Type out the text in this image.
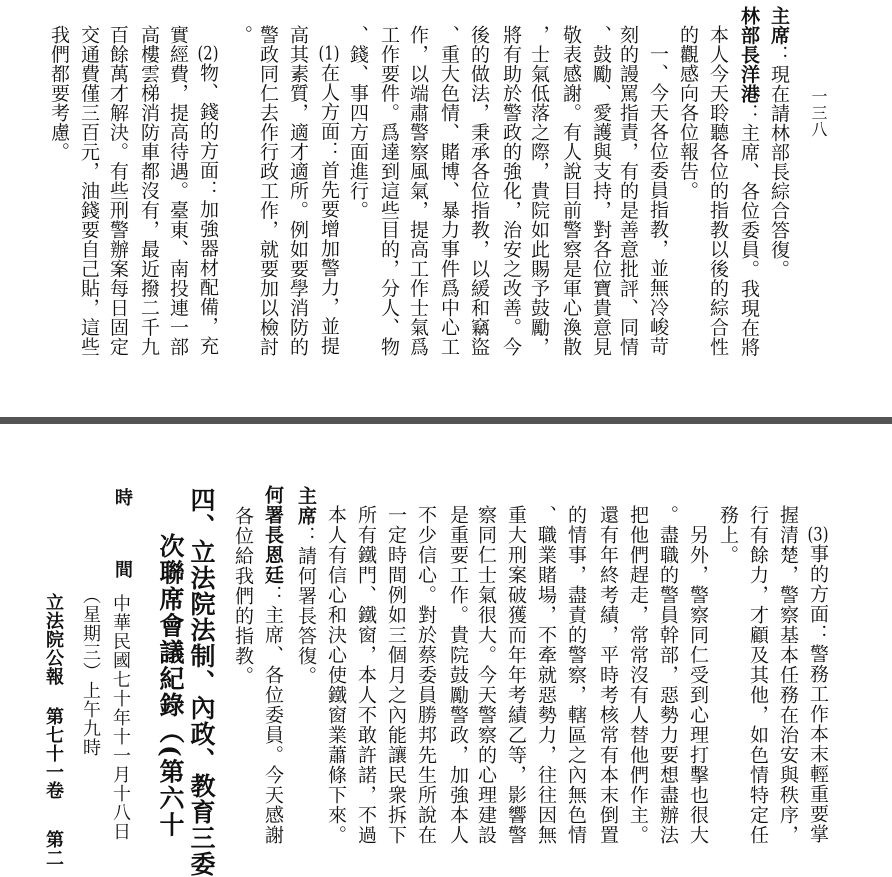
一三八
主席：現在請林部長綜合答復。
林部長洋港：主席、各位委員。我現在將
本人今天聆聽各位的指教以後的綜合性
的觀感向各位報告。
一、今天各位委員指教，並無冷峻苛
刻的謾罵指責，有的是善意批評、同情
、鼓勵、愛護與支持，對各位寶貴意見
敬表感謝。有人說目前警察是軍心渙散
，士氣低落之際，貴院如此賜予鼓勵，
將有助於警政的強化，治安之改善。今
後的做法，秉承各位指教，以緩和竊盜
、重大色情、賭博、暴力事件爲中心工
作，以端肅警察風氣，提高工作士氣爲
工作要件。爲達到這些目的，分人、物
、錢、事四方面進行。
(1)在人方面：首先要增加警力，並提
高其素質，適才適所。例如要學消防的
警政同仁去作行政工作，就要加以檢討
。
(2)物、錢的方面：加強器材配備，充
實經費，提高待遇。臺東、南投連一部
高樓雲梯消防車都沒有，最近撥二千九
百餘萬才解決。有些刑警辦案每日固定
交通費僅三百元，油錢要自己貼，這些
我們都要考慮。
(3)事的方面：警務工作本末輕重要掌
握清楚，警察基本任務在治安與秩序，
行有餘力，才顧及其他，如色情特定任
務上。
另外，警察同仁受到心理打擊也很大
。盡職的警員幹部，惡勢力要想盡辦法
把他們趕走，常常沒有人替他們作主。
還有年終考績，平時考核常有本末倒置
的情事，盡責的警察，轄區之內無色情
、職業賭場，不牽就惡勢力，往往因無
重大刑案破獲而年年考績乙等，影響警
察同仁士氣很大。今天警察的心理建設
是重要工作。貴院鼓勵警政，加強本人
不少信心。對於蔡委員勝邦先生所說在
一定時間例如三個月之內能讓民衆拆下
所有鐵門、鐵窗，本人不敢許諾，不過
本人有信心和決心使鐵窗業蕭條下來。
主席：請何署長答復。
何署長恩廷：主席、各位委員。今天感謝
各位給我們的指教。
四、立法院法制、內政、教育三委
次聯席會議紀錄（(第六十
時
間
中華民國七十年十一月十八日
（星期三）上午九時
立法院公報
第七十一卷
第二
